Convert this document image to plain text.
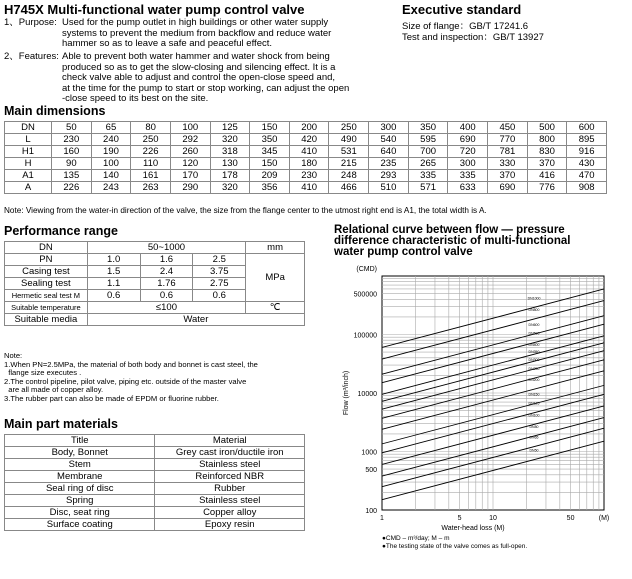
H745X Multi-functional water pump control valve
1、Purpose: Used for the pump outlet in high buildings or other water supply
systems to prevent the medium from backflow and reduce water
hammer so as to leave a safe and peaceful effect.
2、Features: Able to prevent both water hammer and water shock from being
produced so as to get the slow-closing and silencing effect. It is a
check valve able to adjust and control the open-close speed and,
at the time for the pump to start or stop working, can adjust the open
-close speed to its best on the site.
Executive standard
Size of flange：GB/T 17241.6
Test and inspection：GB/T 13927
Main dimensions
DN	50	65	80	100	125	150	200	250	300	350	400	450	500	600
L	230	240	250	292	320	350	420	490	540	595	690	770	800	895
H1	160	190	226	260	318	345	410	531	640	700	720	781	830	916
H	90	100	110	120	130	150	180	215	235	265	300	330	370	430
A1	135	140	161	170	178	209	230	248	293	335	335	370	416	470
A	226	243	263	290	320	356	410	466	510	571	633	690	776	908
Note: Viewing from the water-in direction of the valve, the size from the flange center to the utmost right end is A1, the total width is A.
Performance range
DN	50~1000			mm
PN	1.0	1.6	2.5	MPa
Casing test	1.5	2.4	3.75	
Sealing test	1.1	1.76	2.75	
Hermetic seal test M	0.6	0.6	0.6	
Suitable temperature	≤100			℃
Suitable media	Water			
Note:
1.When PN=2.5MPa, the material of both body and bonnet is cast steel, the
flange size executes .
2.The control pipeline, pilot valve, piping etc. outside of the master valve
are all made of copper alloy.
3.The rubber part can also be made of EPDM or fluorine rubber.
Main part materials
Title	Material
Body, Bonnet	Grey cast iron/ductile iron
Stem	Stainless steel
Membrane	Reinforced NBR
Seal ring of disc	Rubber
Spring	Stainless steel
Disc, seat ring	Copper alloy
Surface coating	Epoxy resin
Relational curve between flow — pressure
difference characteristic of multi-functional
water pump control valve
DN1000
DN800
DN600
DN500
DN400
DN350
DN300
DN250
DN200
DN150
DN125
DN100
DN80
DN65
DN50
100
500
1000
10000
100000
500000
(CMD)
1	5	10	50	(M)
Water-head loss (M)
Flow (m³/inch)
●CMD – m³/day; M – m
●The testing state of the valve comes as full-open.
